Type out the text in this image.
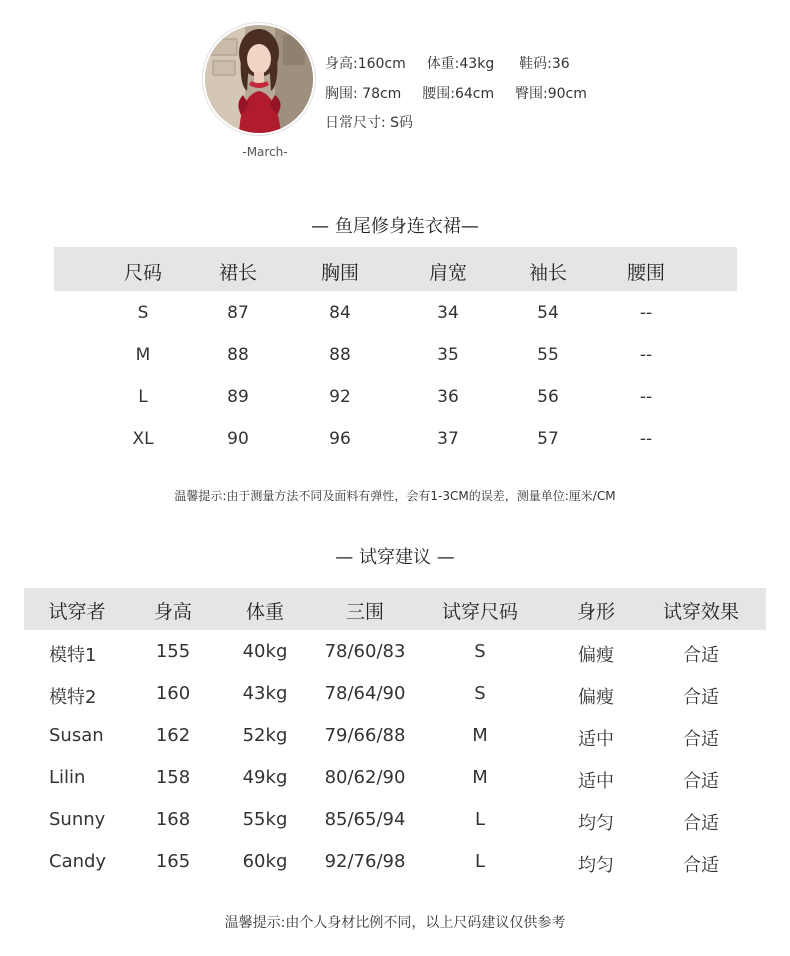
-March-
身高:160cm 体重:43kg 鞋码:36
胸围: 78cm 腰围:64cm 臀围:90cm
日常尺寸: S码
— 鱼尾修身连衣裙—
尺码	裙长	胸围	肩宽	袖长	腰围
S	87	84	34	54	--
M	88	88	35	55	--
L	89	92	36	56	--
XL	90	96	37	57	--
温馨提示:由于测量方法不同及面料有弹性，会有1-3CM的误差，测量单位:厘米/CM
— 试穿建议 —
试穿者	身高	体重	三围	试穿尺码	身形	试穿效果
模特1	155	40kg	78/60/83	S	偏瘦	合适
模特2	160	43kg	78/64/90	S	偏瘦	合适
Susan	162	52kg	79/66/88	M	适中	合适
Lilin	158	49kg	80/62/90	M	适中	合适
Sunny	168	55kg	85/65/94	L	均匀	合适
Candy	165	60kg	92/76/98	L	均匀	合适
温馨提示:由个人身材比例不同，以上尺码建议仅供参考
